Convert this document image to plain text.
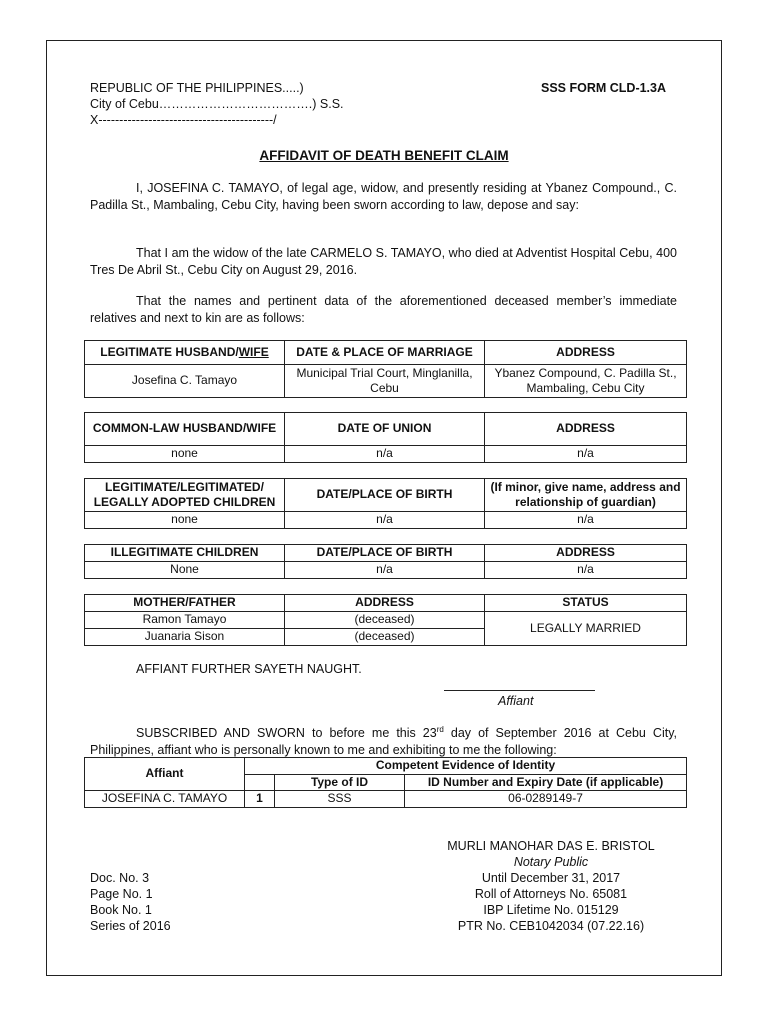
REPUBLIC OF THE PHILIPPINES.....)
City of Cebu……………………………….) S.S.
X------------------------------------------/
SSS FORM CLD-1.3A
AFFIDAVIT OF DEATH BENEFIT CLAIM
I, JOSEFINA C. TAMAYO, of legal age, widow, and presently residing at Ybanez Compound., C. Padilla St., Mambaling, Cebu City, having been sworn according to law, depose and say:
That I am the widow of the late CARMELO S. TAMAYO, who died at Adventist Hospital Cebu, 400 Tres De Abril St., Cebu City on August 29, 2016.
That the names and pertinent data of the aforementioned deceased member’s immediate relatives and next to kin are as follows:
LEGITIMATE HUSBAND/WIFE	DATE & PLACE OF MARRIAGE	ADDRESS
Josefina C. Tamayo	Municipal Trial Court, Minglanilla, Cebu	Ybanez Compound, C. Padilla St., Mambaling, Cebu City
COMMON-LAW HUSBAND/WIFE	DATE OF UNION	ADDRESS
none	n/a	n/a
LEGITIMATE/LEGITIMATED/ LEGALLY ADOPTED CHILDREN	DATE/PLACE OF BIRTH	(If minor, give name, address and relationship of guardian)
none	n/a	n/a
ILLEGITIMATE CHILDREN	DATE/PLACE OF BIRTH	ADDRESS
None	n/a	n/a
MOTHER/FATHER	ADDRESS	STATUS
Ramon Tamayo	(deceased)	LEGALLY MARRIED
Juanaria Sison	(deceased)	
AFFIANT FURTHER SAYETH NAUGHT.
Affiant
SUBSCRIBED AND SWORN to before me this 23rd day of September 2016 at Cebu City, Philippines, affiant who is personally known to me and exhibiting to me the following:
Affiant	Competent Evidence of Identity		
		Type of ID	ID Number and Expiry Date (if applicable)
JOSEFINA C. TAMAYO	1	SSS	06-0289149-7
MURLI MANOHAR DAS E. BRISTOL
Notary Public
Until December 31, 2017
Roll of Attorneys No. 65081
IBP Lifetime No. 015129
PTR No. CEB1042034 (07.22.16)
Doc. No. 3
Page No. 1
Book No. 1
Series of 2016
